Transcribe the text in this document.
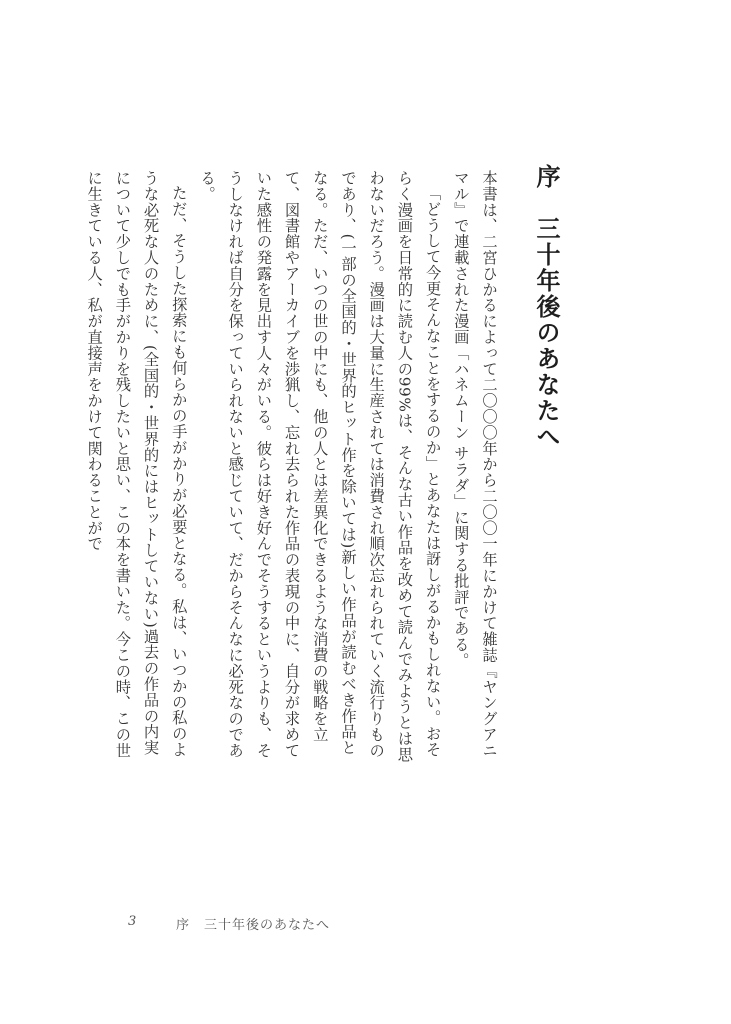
序　三十年後のあなたへ

本書は、二宮ひかるによって二〇〇〇年から二〇〇一年にかけて雑誌『ヤングアニマル』で連載された漫画「ハネムーン サラダ」に関する批評である。

「どうして今更そんなことをするのか」とあなたは訝しがるかもしれない。おそらく漫画を日常的に読む人の99%は、そんな古い作品を改めて読んでみようとは思わないだろう。漫画は大量に生産されては消費され順次忘れられていく流行りものであり、(一部の全国的・世界的ヒット作を除いては)新しい作品が読むべき作品となる。ただ、いつの世の中にも、他の人とは差異化できるような消費の戦略を立て、図書館やアーカイブを渉猟し、忘れ去られた作品の表現の中に、自分が求めていた感性の発露を見出す人々がいる。彼らは好き好んでそうするというよりも、そうしなければ自分を保っていられないと感じていて、だからそんなに必死なのである。

ただ、そうした探索にも何らかの手がかりが必要となる。私は、いつかの私のような必死な人のために、(全国的・世界的にはヒットしていない)過去の作品の内実について少しでも手がかりを残したいと思い、この本を書いた。今この時、この世に生きている人、私が直接声をかけて関わることがで

3	序　三十年後のあなたへ
